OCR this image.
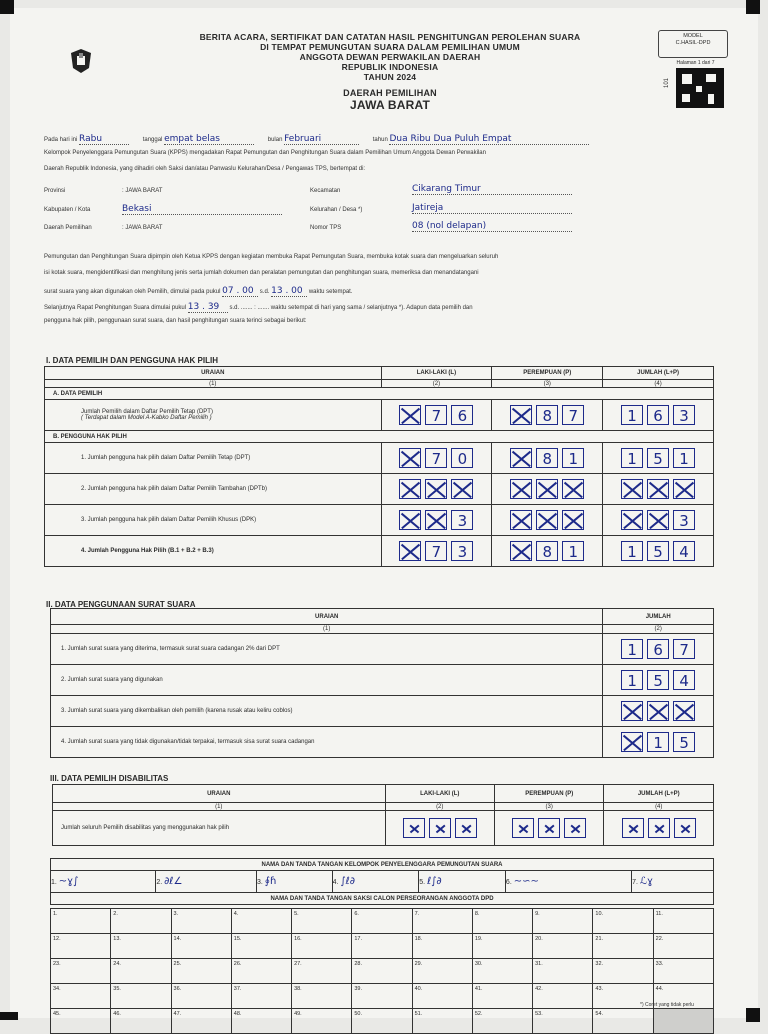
BERITA ACARA, SERTIFIKAT DAN CATATAN HASIL PENGHITUNGAN PEROLEHAN SUARA
DI TEMPAT PEMUNGUTAN SUARA DALAM PEMILIHAN UMUM
ANGGOTA DEWAN PERWAKILAN DAERAH
REPUBLIK INDONESIA
TAHUN 2024
DAERAH PEMILIHAN
JAWA BARAT
MODEL
C.HASIL-DPD
Halaman 1 dari 7
101
Pada hari ini Rabu	tanggal empat belas	bulan Februari	tahun Dua Ribu Dua Puluh Empat
Kelompok Penyelenggara Pemungutan Suara (KPPS) mengadakan Rapat Pemungutan dan Penghitungan Suara dalam Pemilihan Umum Anggota Dewan Perwakilan
Daerah Republik Indonesia, yang dihadiri oleh Saksi dan/atau Panwaslu Kelurahan/Desa / Pengawas TPS, bertempat di:
Provinsi	: JAWA BARAT
Kabupaten / Kota	Bekasi
Daerah Pemilihan	: JAWA BARAT
Kecamatan	Cikarang Timur
Kelurahan / Desa *)	Jatireja
Nomor TPS	08 (nol delapan)
Pemungutan dan Penghitungan Suara dipimpin oleh Ketua KPPS dengan kegiatan membuka Rapat Pemungutan Suara, membuka kotak suara dan mengeluarkan seluruh
isi kotak suara, mengidentifikasi dan menghitung jenis serta jumlah dokumen dan peralatan pemungutan dan penghitungan suara, memeriksa dan menandatangani
surat suara yang akan digunakan oleh Pemilih, dimulai pada pukul 07 . 00 s.d. 13 . 00 waktu setempat.
Selanjutnya Rapat Penghitungan Suara dimulai pukul 13 . 39 s.d. ....... : ....... waktu setempat di hari yang sama / selanjutnya *). Adapun data pemilih dan
pengguna hak pilih, penggunaan surat suara, dan hasil penghitungan suara terinci sebagai berikut:
I. DATA PEMILIH DAN PENGGUNA HAK PILIH
URAIAN	LAKI-LAKI (L)	PEREMPUAN (P)	JUMLAH (L+P)
(1)	(2)	(3)	(4)
A. DATA PEMILIH			

Jumlah Pemilih dalam Daftar Pemilih Tetap (DPT)
( Terdapat dalam Model A-Kabko Daftar Pemilih )	7 6	8 7	1 6 3
B. PENGGUNA HAK PILIH			
1. Jumlah pengguna hak pilih dalam Daftar Pemilih Tetap (DPT)	7 0	8 1	1 5 1
2. Jumlah pengguna hak pilih dalam Daftar Pemilih Tambahan (DPTb)			
3. Jumlah pengguna hak pilih dalam Daftar Pemilih Khusus (DPK)	3		3
4. Jumlah Pengguna Hak Pilih (B.1 + B.2 + B.3)	7 3	8 1	1 5 4
II. DATA PENGGUNAAN SURAT SUARA
URAIAN	JUMLAH
(1)	(2)
1. Jumlah surat suara yang diterima, termasuk surat suara cadangan 2% dari DPT	1 6 7
2. Jumlah surat suara yang digunakan	1 5 4
3. Jumlah surat suara yang dikembalikan oleh pemilih (karena rusak atau keliru coblos)	
4. Jumlah surat suara yang tidak digunakan/tidak terpakai, termasuk sisa surat suara cadangan	1 5
III. DATA PEMILIH DISABILITAS
URAIAN	LAKI-LAKI (L)	PEREMPUAN (P)	JUMLAH (L+P)
(1)	(2)	(3)	(4)
Jumlah seluruh Pemilih disabilitas yang menggunakan hak pilih			
NAMA DAN TANDA TANGAN KELOMPOK PENYELENGGARA PEMUNGUTAN SUARA
1. ~ɣ∫	2. ∂ℓ∠	3. ∮ɦ	4. ∫ℓ∂	5. ℓ∫∂	6. ∼∽∼	7. ℒɣ
NAMA DAN TANDA TANGAN SAKSI CALON PERSEORANGAN ANGGOTA DPD
1.	2.	3.	4.	5.	6.	7.	8.	9.	10.	11.
12.	13.	14.	15.	16.	17.	18.	19.	20.	21.	22.
23.	24.	25.	26.	27.	28.	29.	30.	31.	32.	33.
34.	35.	36.	37.	38.	39.	40.	41.	42.	43.	44.
45.	46.	47.	48.	49.	50.	51.	52.	53.	54.	
*) Coret yang tidak perlu
